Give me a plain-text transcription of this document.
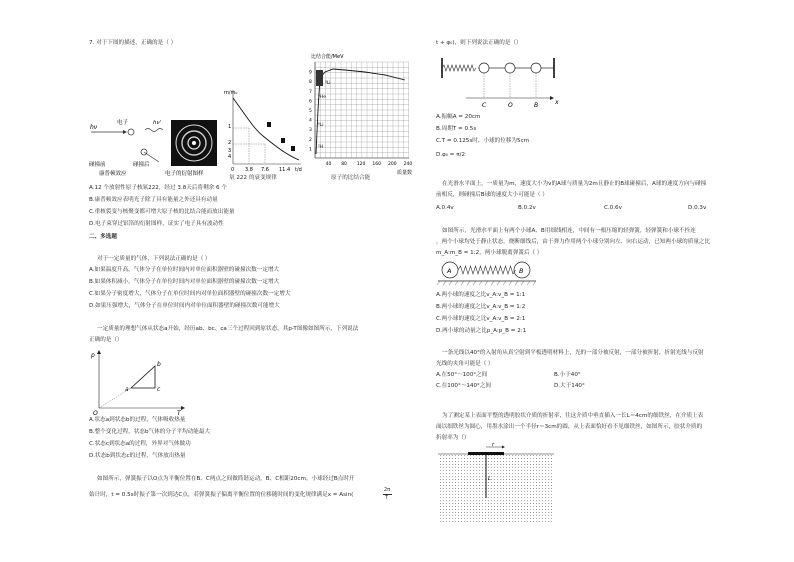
7. 对于下图的描述，正确的是（ ）
hν
电子	hν'
碰撞前	碰撞后
康普顿效应	电子的衍射图样
m/m₀
1
2
3
4
0 3.8 7.6 11.4 t/d
氡 222 的衰变规律
比结合能/MeV
⁸Li
⁴He
⁶Li
²H
1
2
3
4
5
6
7
8
9
40 80 120 160 200 240
质量数
原子的比结合能
A.12 个放射性原子核氡222，经过 3.8天后将剩余 6 个
B.康普顿效应表明光子除了具有能量之外还具有动量
C.重核裂变与核聚变都可增大原子核的比结合能而放出能量
D.电子束穿过铝箔的衍射图样，证实了电子具有波动性
二、多选题
对于一定质量的气体，下列说法正确的是（ ）
A.如果温度升高，气体分子在单位时间内对单位面积器壁的碰撞次数一定增大
B.如果体积减小，气体分子在单位时间内对单位面积器壁的碰撞次数一定增大
C.如果分子密度增大，气体分子在单位时间内对单位面积器壁的碰撞次数一定增大
D.如果压强增大，气体分子在单位时间内对单位面积器壁的碰撞次数可能增大
一定质量的理想气体从状态a开始，经历ab、bc、ca三个过程回到原状态，其p-T图像如图所示，下列说法
正确的是（）
p
T
O
a
b
c
A.状态a到状态b的过程，气体吸收热量
B.整个变化过程，状态b气体的分子平均动能最大
C.状态c到状态a的过程，外界对气体做功
D.状态b到状态c的过程，气体放出热量
如图所示，弹簧振子以O点为平衡位置在B、C两点之间做简谐运动，B、C相距20cm，小球经过B点时开
始计时，t = 0.5s时振子第一次到达C点，若弹簧振子偏离平衡位置的位移随时间的变化规律满足x = Asin(
2π
T
t + φ₀)，则下列说法正确的是（）
C	O	B	x
A.振幅A = 20cm
B.周期T = 0.5s
C.T = 0.125s时，小球的位移为5cm
D.φ₀ = π/2
在光滑水平面上，一质量为m，速度大小为v的A球与质量为2m且静止的B球碰撞后，A球的速度方向与碰撞
前相反，则碰撞后B球的速度大小可能是（ ）
A.0.4v	B.0.2v	C.0.6v	D.0.3v
如图所示，光滑水平面上有两个小球A、B用细线相连，中间有一根压缩的轻弹簧，轻弹簧和小球不拴连
，两个小球均处于静止状态，烧断细线后，由于弹力作用两个小球分别向左、向右运动，已知两小球的质量之比
m_A:m_B = 1:2，两小球脱离弹簧后（ ）
A	B
A.两小球的速度之比v_A:v_B = 1:1
B.两小球的速度之比v_A:v_B = 1:2
C.两小球的速度之比v_A:v_B = 2:1
D.两小球的动量之比p_A:p_B = 2:1
一条光线以40°的入射角从真空射到平板透明材料上，光的一部分被反射，一部分被折射，折射光线与反射
光线的夹角可能是（ ）
A.在50°～100°之间	B.小于40°
C.在100°～140°之间	D.大于140°
为了测定某上表面平整的透明胶状介质的折射率，往这介质中垂直插入一长L＝4cm的细铁丝，在介质上表
面以细铁丝为圆心，用墨水涂出一个半径r＝3cm的圆，从上表面恰好看不见细铁丝，如图所示，胶状介质的
折射率为（）
r
L
